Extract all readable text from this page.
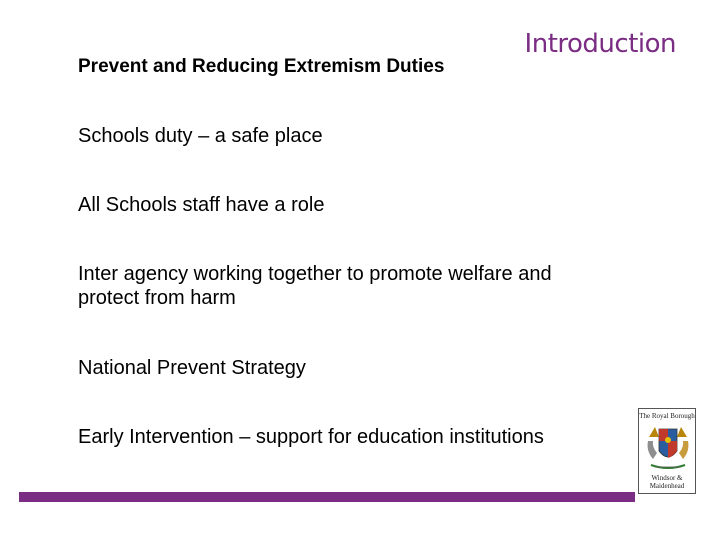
Introduction
Prevent and Reducing Extremism Duties
Schools duty – a safe place
All Schools staff have a role
Inter agency working together to promote welfare and protect from harm
National Prevent Strategy
Early Intervention – support for education institutions
The Royal Borough
Windsor &
Maidenhead
